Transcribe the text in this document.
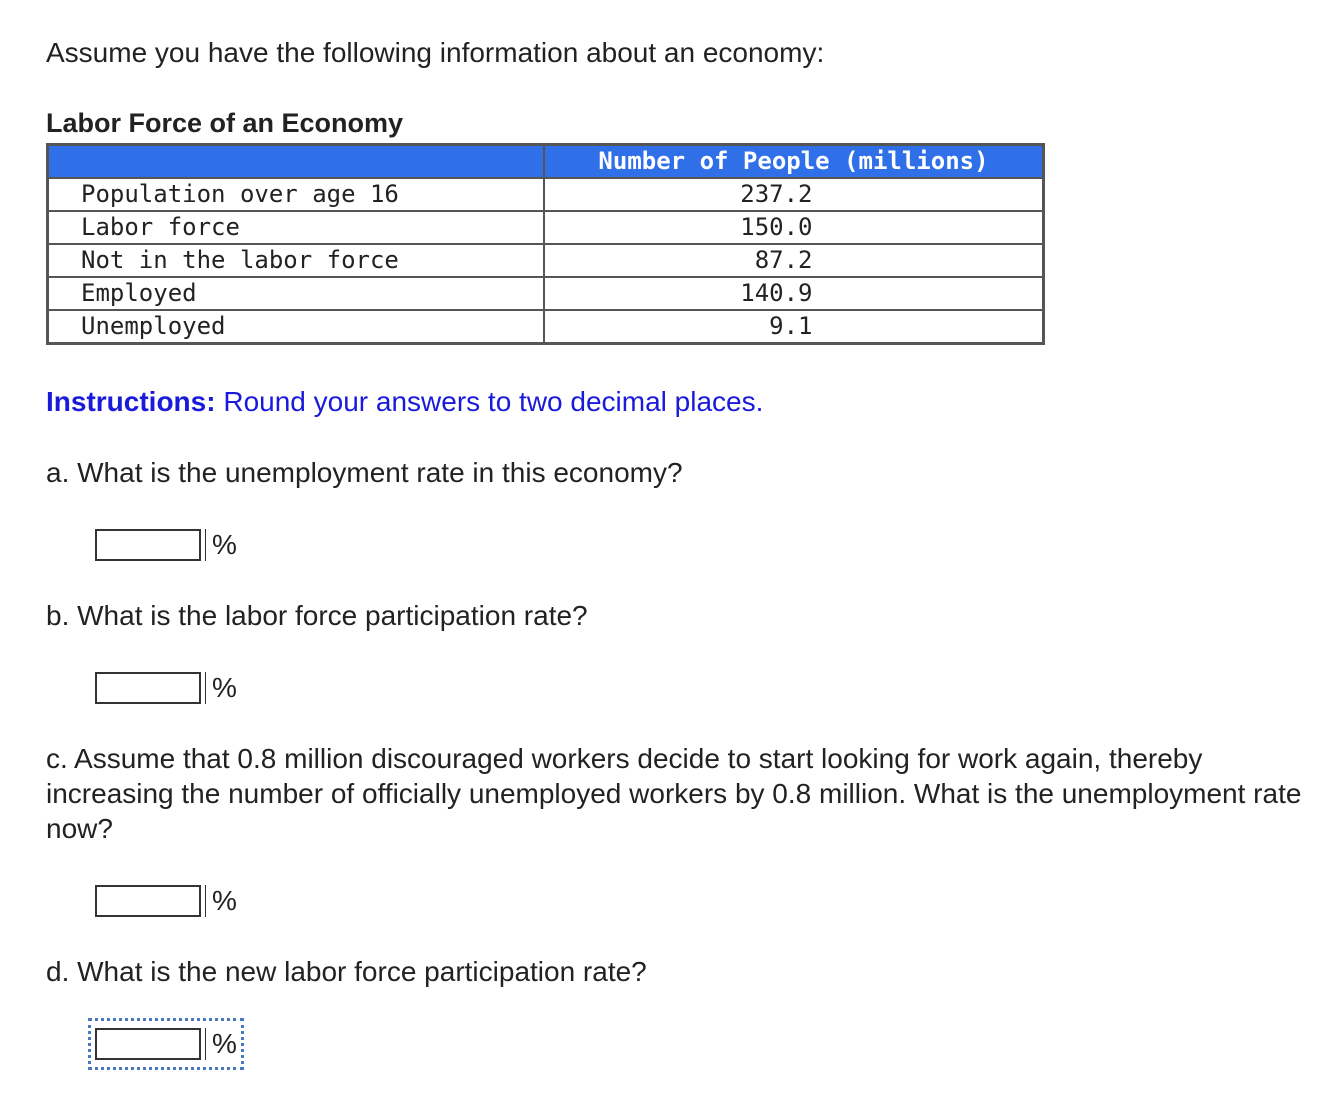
Assume you have the following information about an economy:
Labor Force of an Economy
	Number of People (millions)
Population over age 16	237.2
Labor force	150.0
Not in the labor force	87.2
Employed	140.9
Unemployed	9.1
Instructions: Round your answers to two decimal places.
a. What is the unemployment rate in this economy?
%
b. What is the labor force participation rate?
%
c. Assume that 0.8 million discouraged workers decide to start looking for work again, thereby increasing the number of officially unemployed workers by 0.8 million. What is the unemployment rate now?
%
d. What is the new labor force participation rate?
%
